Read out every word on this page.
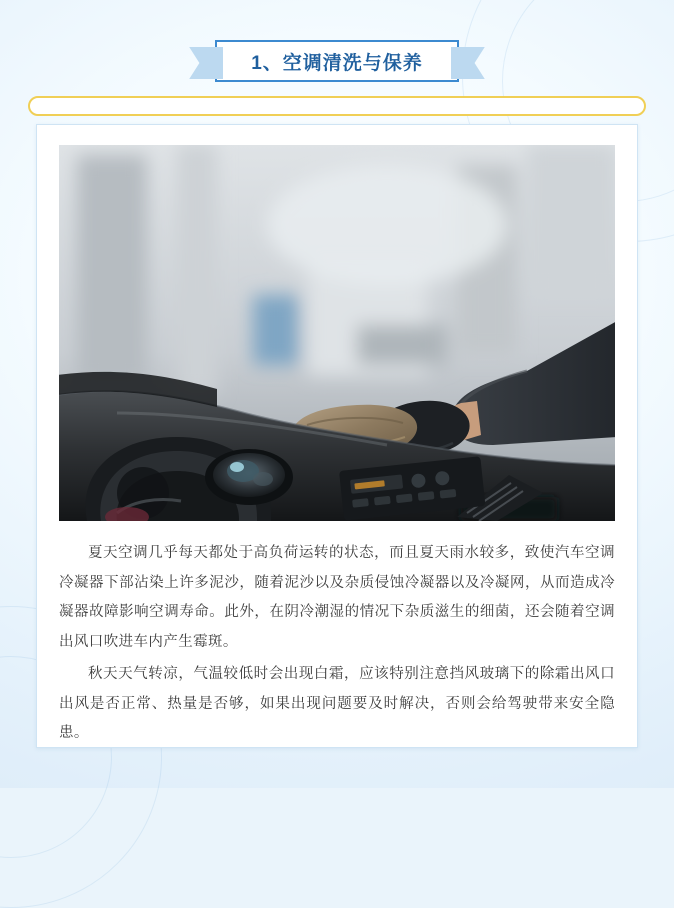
1、空调清洗与保养

夏天空调几乎每天都处于高负荷运转的状态，而且夏天雨水较多，致使汽车空调冷凝器下部沾染上许多泥沙，随着泥沙以及杂质侵蚀冷凝器以及冷凝网，从而造成冷凝器故障影响空调寿命。此外，在阴冷潮湿的情况下杂质滋生的细菌，还会随着空调出风口吹进车内产生霉斑。

秋天天气转凉，气温较低时会出现白霜，应该特别注意挡风玻璃下的除霜出风口出风是否正常、热量是否够，如果出现问题要及时解决，否则会给驾驶带来安全隐患。
